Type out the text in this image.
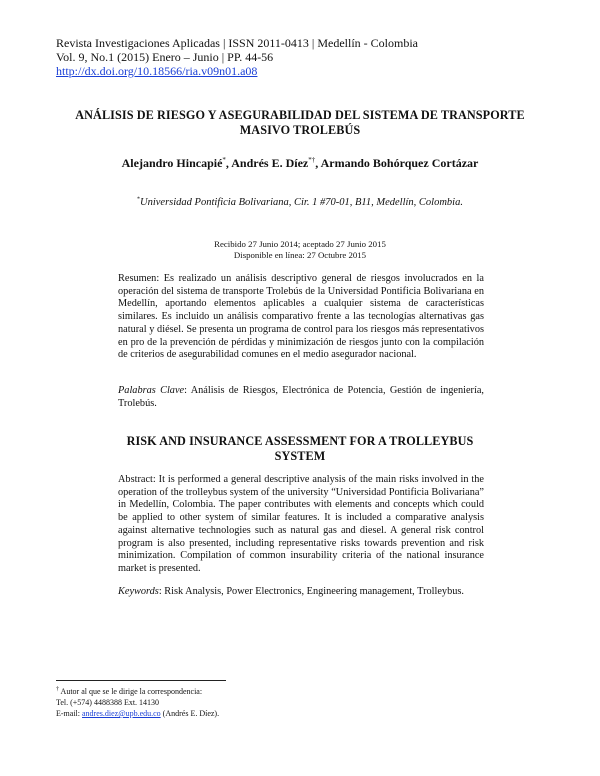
Revista Investigaciones Aplicadas | ISSN 2011-0413 | Medellín - Colombia
Vol. 9, No.1 (2015) Enero – Junio | PP. 44-56
http://dx.doi.org/10.18566/ria.v09n01.a08
ANÁLISIS DE RIESGO Y ASEGURABILIDAD DEL SISTEMA DE TRANSPORTE
MASIVO TROLEBÚS
Alejandro Hincapié*, Andrés E. Díez*†, Armando Bohórquez Cortázar
*Universidad Pontificia Bolivariana, Cir. 1 #70-01, B11, Medellín, Colombia.
Recibido 27 Junio 2014; aceptado 27 Junio 2015
Disponible en línea: 27 Octubre 2015
Resumen: Es realizado un análisis descriptivo general de riesgos involucrados en la operación del sistema de transporte Trolebús de la Universidad Pontificia Bolivariana en Medellín, aportando elementos aplicables a cualquier sistema de características similares. Es incluido un análisis comparativo frente a las tecnologías alternativas gas natural y diésel. Se presenta un programa de control para los riesgos más representativos en pro de la prevención de pérdidas y minimización de riesgos junto con la compilación de criterios de asegurabilidad comunes en el medio asegurador nacional.
Palabras Clave: Análisis de Riesgos, Electrónica de Potencia, Gestión de ingeniería, Trolebús.
RISK AND INSURANCE ASSESSMENT FOR A TROLLEYBUS
SYSTEM
Abstract: It is performed a general descriptive analysis of the main risks involved in the operation of the trolleybus system of the university “Universidad Pontificia Bolivariana” in Medellín, Colombia. The paper contributes with elements and concepts which could be applied to other system of similar features. It is included a comparative analysis against alternative technologies such as natural gas and diesel. A general risk control program is also presented, including representative risks towards prevention and risk minimization. Compilation of common insurability criteria of the national insurance market is presented.
Keywords: Risk Analysis, Power Electronics, Engineering management, Trolleybus.
† Autor al que se le dirige la correspondencia:
Tel. (+574) 4488388 Ext. 14130
E-mail: andres.diez@upb.edu.co (Andrés E. Díez).
